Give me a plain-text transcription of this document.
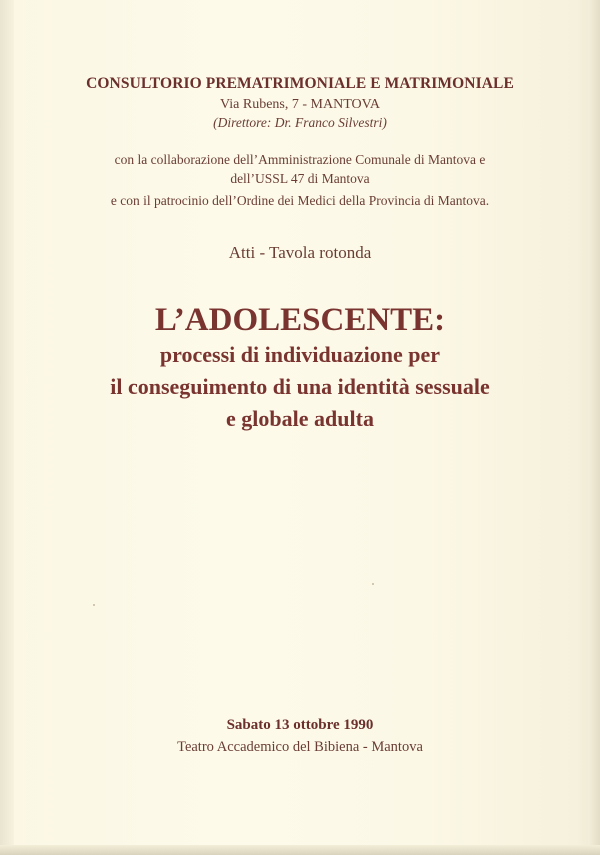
CONSULTORIO PREMATRIMONIALE E MATRIMONIALE
Via Rubens, 7 - MANTOVA
(Direttore: Dr. Franco Silvestri)
con la collaborazione dell’Amministrazione Comunale di Mantova e
dell’USSL 47 di Mantova
e con il patrocinio dell’Ordine dei Medici della Provincia di Mantova.
Atti - Tavola rotonda
L’ADOLESCENTE:
processi di individuazione per
il conseguimento di una identità sessuale
e globale adulta
Sabato 13 ottobre 1990
Teatro Accademico del Bibiena - Mantova
